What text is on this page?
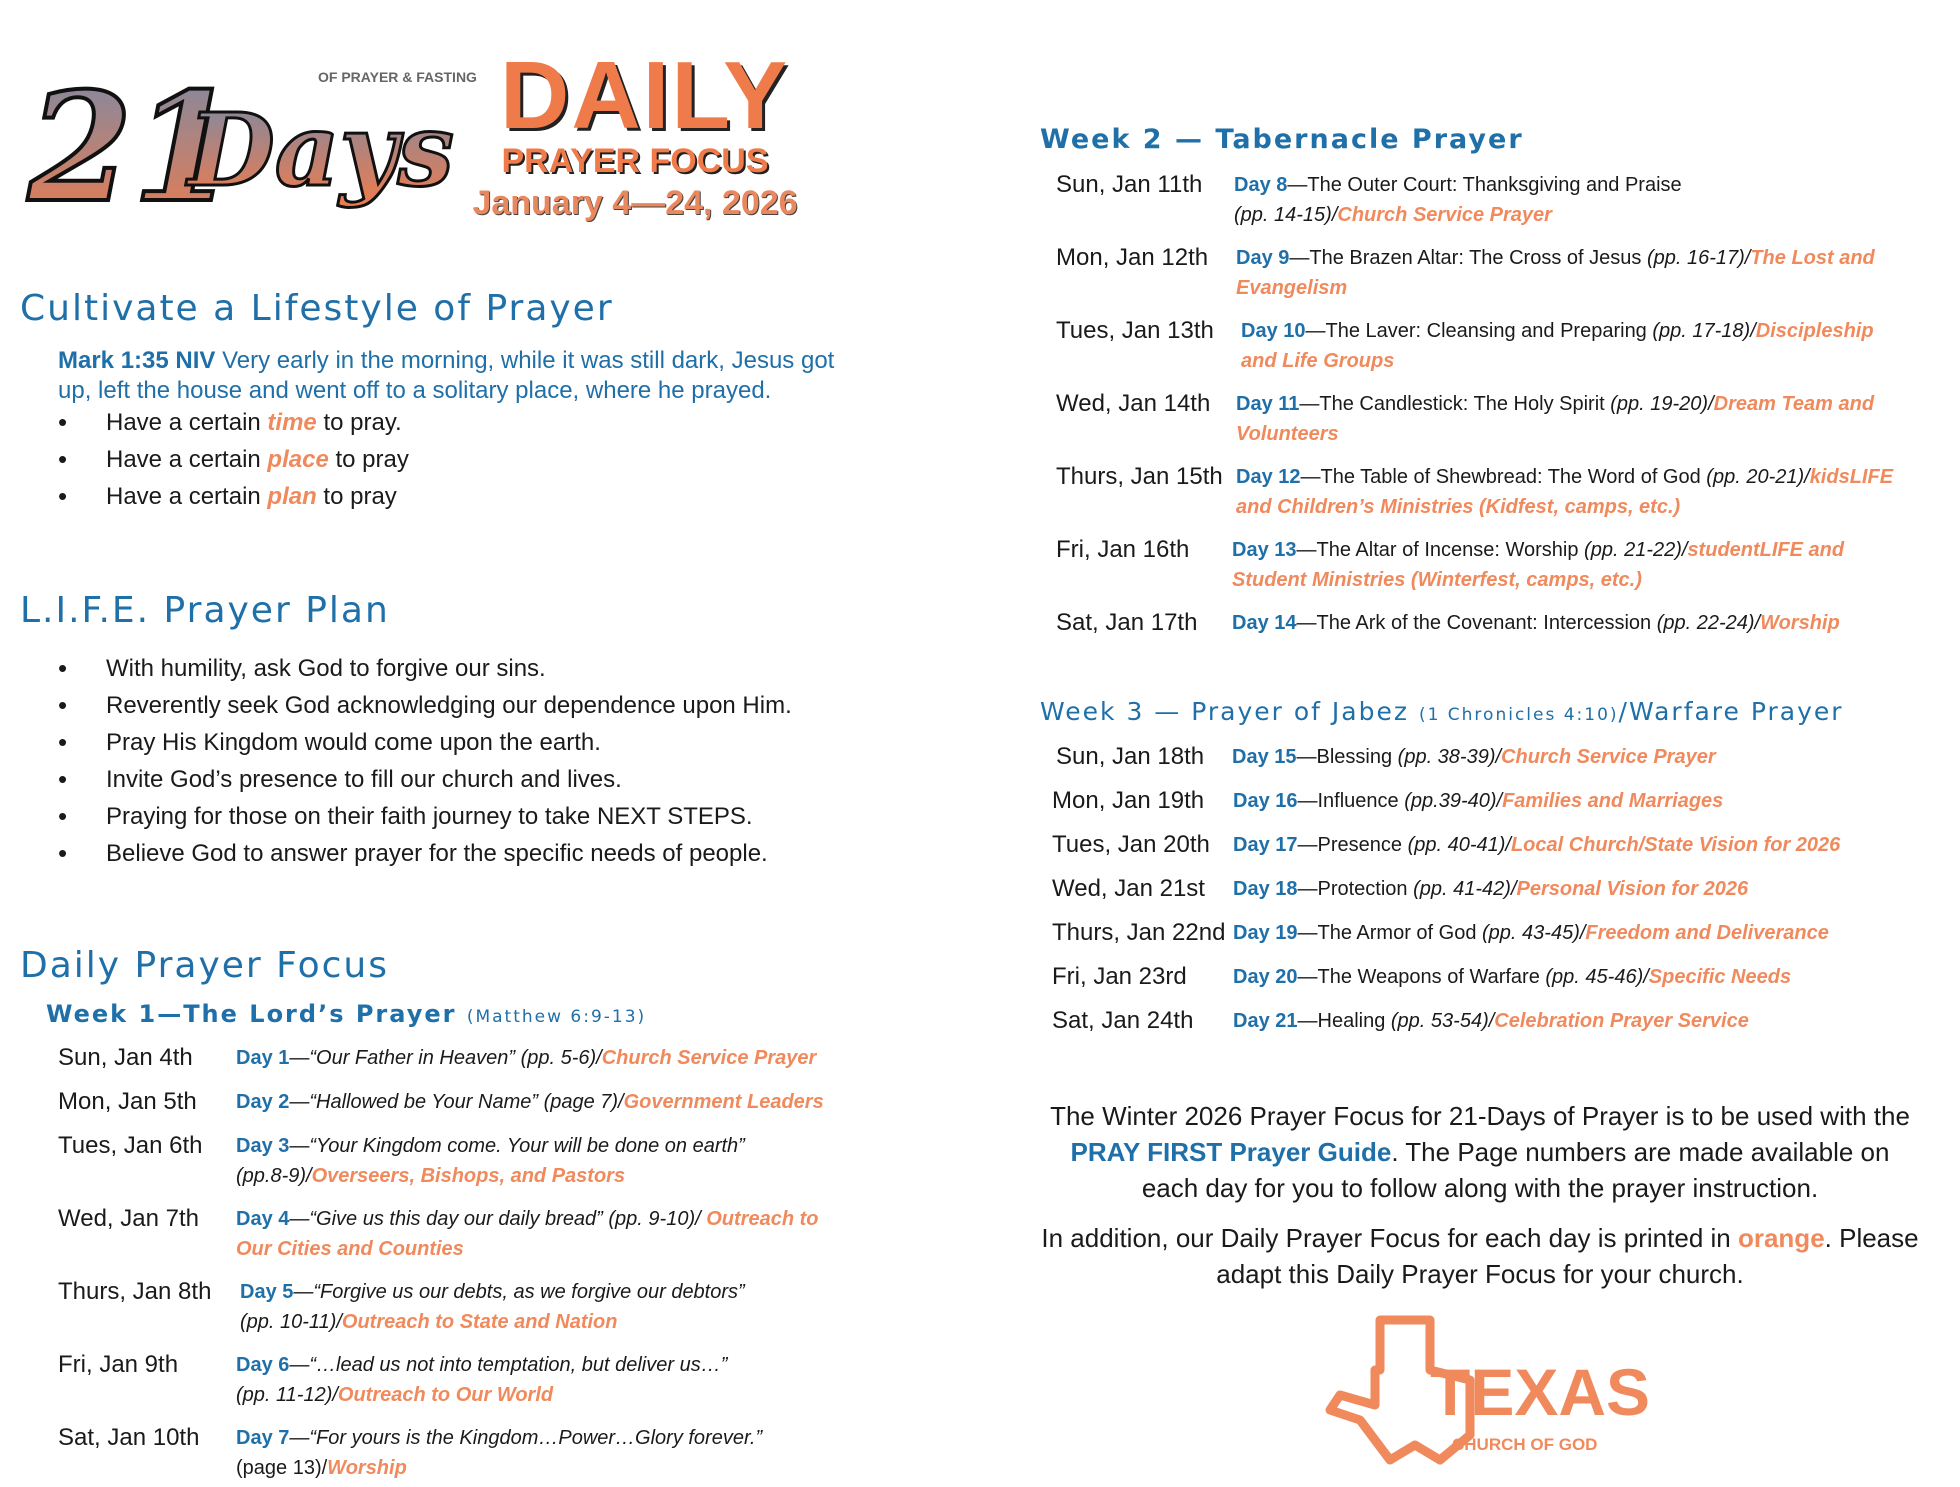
21
Days
OF PRAYER & FASTING DAILY
PRAYER FOCUS
January 4—24, 2026
Cultivate a Lifestyle of Prayer
Mark 1:35 NIV Very early in the morning, while it was still dark, Jesus got up, left the house and went off to a solitary place, where he prayed.
• Have a certain time to pray.
• Have a certain place to pray
• Have a certain plan to pray
L.I.F.E. Prayer Plan
• With humility, ask God to forgive our sins.
• Reverently seek God acknowledging our dependence upon Him.
• Pray His Kingdom would come upon the earth.
• Invite God’s presence to fill our church and lives.
• Praying for those on their faith journey to take NEXT STEPS.
• Believe God to answer prayer for the specific needs of people.
Daily Prayer Focus
Week 1—The Lord’s Prayer (Matthew 6:9-13)
Sun, Jan 4th Day 1—“Our Father in Heaven” (pp. 5-6)/Church Service Prayer
Mon, Jan 5th Day 2—“Hallowed be Your Name” (page 7)/Government Leaders
Tues, Jan 6th Day 3—“Your Kingdom come. Your will be done on earth”
(pp.8-9)/Overseers, Bishops, and Pastors
Wed, Jan 7th Day 4—“Give us this day our daily bread” (pp. 9-10)/ Outreach to
Our Cities and Counties
Thurs, Jan 8th Day 5—“Forgive us our debts, as we forgive our debtors”
(pp. 10-11)/Outreach to State and Nation
Fri, Jan 9th	Day 6—“…lead us not into temptation, but deliver us…”
(pp. 11-12)/Outreach to Our World
Sat, Jan 10th Day 7—“For yours is the Kingdom…Power…Glory forever.”
(page 13)/Worship
Week 2 — Tabernacle Prayer
Sun, Jan 11th Day 8—The Outer Court: Thanksgiving and Praise
(pp. 14-15)/Church Service Prayer
Mon, Jan 12th Day 9—The Brazen Altar: The Cross of Jesus (pp. 16-17)/The Lost and
Evangelism
Tues, Jan 13th Day 10—The Laver: Cleansing and Preparing (pp. 17-18)/Discipleship
and Life Groups
Wed, Jan 14th Day 11—The Candlestick: The Holy Spirit (pp. 19-20)/Dream Team and
Volunteers
Thurs, Jan 15th Day 12—The Table of Shewbread: The Word of God (pp. 20-21)/kidsLIFE
and Children’s Ministries (Kidfest, camps, etc.)
Fri, Jan 16th Day 13—The Altar of Incense: Worship (pp. 21-22)/studentLIFE and
Student Ministries (Winterfest, camps, etc.)
Sat, Jan 17th Day 14—The Ark of the Covenant: Intercession (pp. 22-24)/Worship
Week 3 — Prayer of Jabez (1 Chronicles 4:10)/Warfare Prayer
Sun, Jan 18th Day 15—Blessing (pp. 38-39)/Church Service Prayer
Mon, Jan 19th Day 16—Influence (pp.39-40)/Families and Marriages
Tues, Jan 20th Day 17—Presence (pp. 40-41)/Local Church/State Vision for 2026
Wed, Jan 21st Day 18—Protection (pp. 41-42)/Personal Vision for 2026
Thurs, Jan 22nd Day 19—The Armor of God (pp. 43-45)/Freedom and Deliverance
Fri, Jan 23rd Day 20—The Weapons of Warfare (pp. 45-46)/Specific Needs
Sat, Jan 24th Day 21—Healing (pp. 53-54)/Celebration Prayer Service
The Winter 2026 Prayer Focus for 21-Days of Prayer is to be used with the PRAY FIRST Prayer Guide. The Page numbers are made available on each day for you to follow along with the prayer instruction.
In addition, our Daily Prayer Focus for each day is printed in orange. Please adapt this Daily Prayer Focus for your church.
TEXAS
CHURCH OF GOD
